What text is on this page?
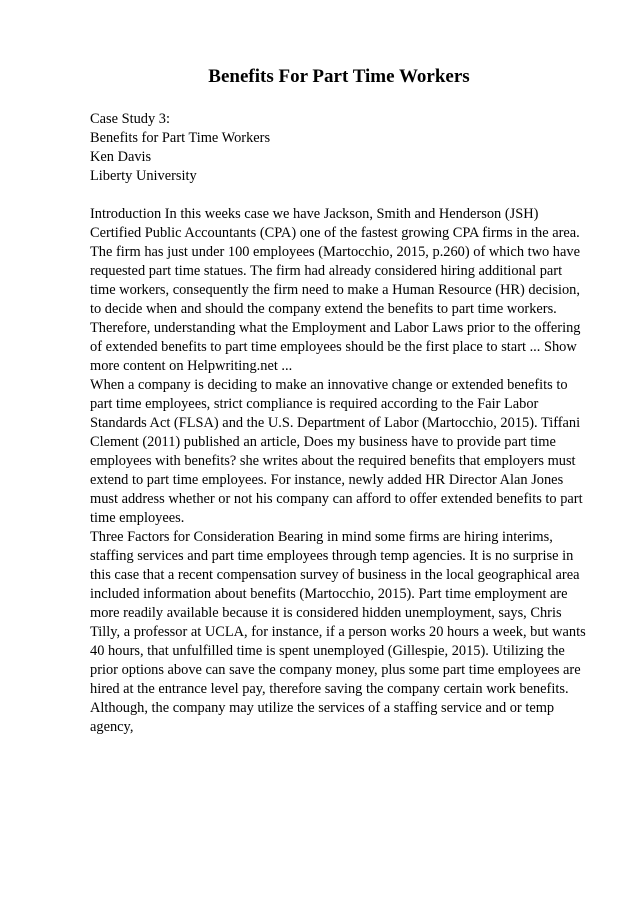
Benefits For Part Time Workers

Case Study 3:

Benefits for Part Time Workers

Ken Davis

Liberty University

Introduction In this weeks case we have Jackson, Smith and Henderson (JSH) Certified Public Accountants (CPA) one of the fastest growing CPA firms in the area. The firm has just under 100 employees (Martocchio, 2015, p.260) of which two have requested part time statues. The firm had already considered hiring additional part time workers, consequently the firm need to make a Human Resource (HR) decision, to decide when and should the company extend the benefits to part time workers. Therefore, understanding what the Employment and Labor Laws prior to the offering of extended benefits to part time employees should be the first place to start ... Show more content on Helpwriting.net ...

When a company is deciding to make an innovative change or extended benefits to part time employees, strict compliance is required according to the Fair Labor Standards Act (FLSA) and the U.S. Department of Labor (Martocchio, 2015). Tiffani Clement (2011) published an article, Does my business have to provide part time employees with benefits? she writes about the required benefits that employers must extend to part time employees. For instance, newly added HR Director Alan Jones must address whether or not his company can afford to offer extended benefits to part time employees.

Three Factors for Consideration Bearing in mind some firms are hiring interims, staffing services and part time employees through temp agencies. It is no surprise in this case that a recent compensation survey of business in the local geographical area included information about benefits (Martocchio, 2015). Part time employment are more readily available because it is considered hidden unemployment, says, Chris Tilly, a professor at UCLA, for instance, if a person works 20 hours a week, but wants 40 hours, that unfulfilled time is spent unemployed (Gillespie, 2015). Utilizing the prior options above can save the company money, plus some part time employees are hired at the entrance level pay, therefore saving the company certain work benefits. Although, the company may utilize the services of a staffing service and or temp agency,
